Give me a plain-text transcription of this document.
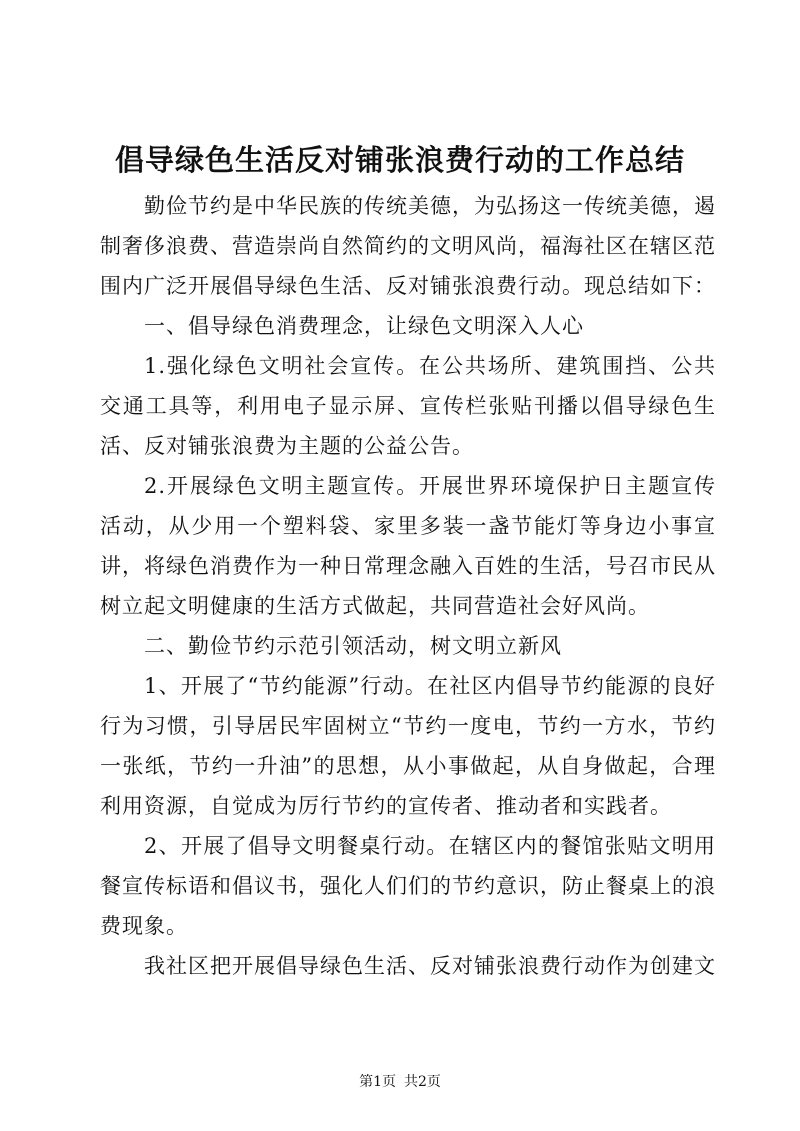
倡导绿色生活反对铺张浪费行动的工作总结

勤俭节约是中华民族的传统美德，为弘扬这一传统美德，遏制奢侈浪费、营造崇尚自然简约的文明风尚，福海社区在辖区范围内广泛开展倡导绿色生活、反对铺张浪费行动。现总结如下：

一、倡导绿色消费理念，让绿色文明深入人心

1.强化绿色文明社会宣传。在公共场所、建筑围挡、公共交通工具等，利用电子显示屏、宣传栏张贴刊播以倡导绿色生活、反对铺张浪费为主题的公益公告。

2.开展绿色文明主题宣传。开展世界环境保护日主题宣传活动，从少用一个塑料袋、家里多装一盏节能灯等身边小事宣讲，将绿色消费作为一种日常理念融入百姓的生活，号召市民从树立起文明健康的生活方式做起，共同营造社会好风尚。

二、勤俭节约示范引领活动，树文明立新风

1、开展了“节约能源”行动。在社区内倡导节约能源的良好行为习惯，引导居民牢固树立“节约一度电，节约一方水，节约一张纸，节约一升油”的思想，从小事做起，从自身做起，合理利用资源，自觉成为厉行节约的宣传者、推动者和实践者。

2、开展了倡导文明餐桌行动。在辖区内的餐馆张贴文明用餐宣传标语和倡议书，强化人们们的节约意识，防止餐桌上的浪费现象。

我社区把开展倡导绿色生活、反对铺张浪费行动作为创建文

第1页 共2页
